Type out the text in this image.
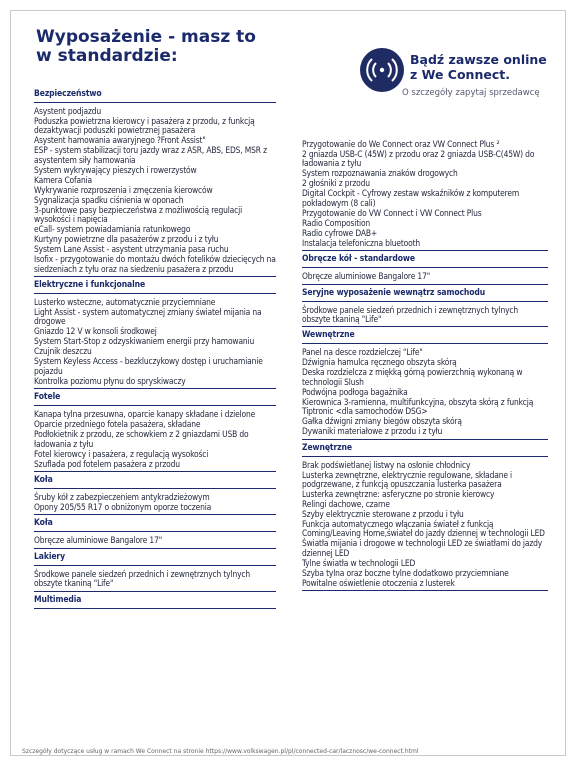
Wyposażenie - masz to
w standardzie:	Bądź zawsze online
z We Connect.
O szczegóły zapytaj sprzedawcę
Bezpieczeństwo
Asystent podjazdu
Poduszka powietrzna kierowcy i pasażera z przodu, z funkcją dezaktywacji poduszki powietrznej pasażera
Asystent hamowania awaryjnego ?Front Assist"
ESP - system stabilizacji toru jazdy wraz z ASR, ABS, EDS, MSR z asystentem siły hamowania
System wykrywający pieszych i rowerzystów
Kamera Cofania
Wykrywanie rozproszenia i zmęczenia kierowców
Sygnalizacja spadku ciśnienia w oponach
3-punktowe pasy bezpieczeństwa z możliwością regulacji wysokości i napięcia
eCall- system powiadamiania ratunkowego
Kurtyny powietrzne dla pasażerów z przodu i z tyłu
System Lane Assist - asystent utrzymania pasa ruchu
Isofix - przygotowanie do montażu dwóch fotelików dziecięcych na siedzeniach z tyłu oraz na siedzeniu pasażera z przodu
Elektryczne i funkcjonalne
Lusterko wsteczne, automatycznie przyciemniane
Light Assist - system automatycznej zmiany świateł mijania na drogowe
Gniazdo 12 V w konsoli środkowej
System Start-Stop z odzyskiwaniem energii przy hamowaniu
Czujnik deszczu
System Keyless Access - bezkluczykowy dostęp i uruchamianie pojazdu
Kontrolka poziomu płynu do spryskiwaczy
Fotele
Kanapa tylna przesuwna, oparcie kanapy składane i dzielone
Oparcie przedniego fotela pasażera, składane
Podłokietnik z przodu, ze schowkiem z 2 gniazdami USB do ładowania z tyłu
Fotel kierowcy i pasażera, z regulacją wysokości
Szuflada pod fotelem pasażera z przodu
Koła
Śruby kół z zabezpieczeniem antykradzieżowym
Opony 205/55 R17 o obniżonym oporze toczenia
Koła
Obręcze aluminiowe Bangalore 17"
Lakiery
Środkowe panele siedzeń przednich i zewnętrznych tylnych obszyte tkaniną "Life"
Multimedia
Przygotowanie do We Connect oraz VW Connect Plus ²
2 gniazda USB-C (45W) z przodu oraz 2 gniazda USB-C(45W) do ładowania z tyłu
System rozpoznawania znaków drogowych
2 głośniki z przodu
Digital Cockpit - Cyfrowy zestaw wskaźników z komputerem pokładowym (8 cali)
Przygotowanie do VW Connect i VW Connect Plus
Radio Composition
Radio cyfrowe DAB+
Instalacja telefoniczna bluetooth
Obręcze kół - standardowe
Obręcze aluminiowe Bangalore 17"
Seryjne wyposażenie wewnątrz samochodu
Środkowe panele siedzeń przednich i zewnętrznych tylnych obszyte tkaniną "Life"
Wewnętrzne
Panel na desce rozdzielczej "Life"
Dźwignia hamulca ręcznego obszyta skórą
Deska rozdzielcza z miękką górną powierzchnią wykonaną w technologii Slush
Podwójna podłoga bagażnika
Kierownica 3-ramienna, multifunkcyjna, obszyta skórą z funkcją Tiptronic <dla samochodów DSG>
Gałka dźwigni zmiany biegów obszyta skórą
Dywaniki materiałowe z przodu i z tyłu
Zewnętrzne
Brak podświetlanej listwy na osłonie chłodnicy
Lusterka zewnętrzne, elektrycznie regulowane, składane i podgrzewane, z funkcją opuszczania lusterka pasażera
Lusterka zewnętrzne: asferyczne po stronie kierowcy
Relingi dachowe, czarne
Szyby elektrycznie sterowane z przodu i tyłu
Funkcja automatycznego włączania świateł z funkcją Coming/Leaving Home,świateł do jazdy dziennej w technologii LED
Światła mijania i drogowe w technologii LED ze światłami do jazdy dziennej LED
Tylne światła w technologii LED
Szyba tylna oraz boczne tylne dodatkowo przyciemniane
Powitalne oświetlenie otoczenia z lusterek
Szczegóły dotyczące usług w ramach We Connect na stronie https://www.volkswagen.pl/pl/connected-car/lacznosc/we-connect.html
